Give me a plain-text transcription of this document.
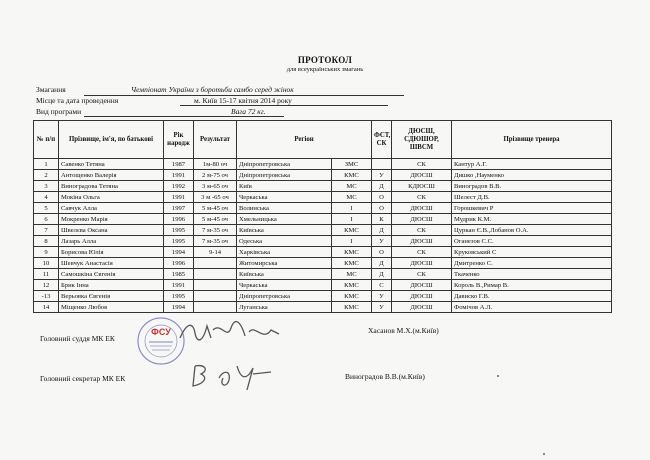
ПРОТОКОЛ
для всеукраїнських змагань
Змагання	Чемпіонат України з боротьби самбо серед жінок
Місце та дата проведення	м. Київ 15-17 квітня 2014 року
Вид програми	Вага 72 кг.
№ п/п	Прізвище, ім'я, по батькові	Рік народж	Результат	Регіон		ФСТ, СК	ДЮСШ, СДЮШОР, ШВСМ	Прізвище тренера
1	Савенко Тетяна	1987	1м-80 оч	Дніпропетровська	ЗМС		СК	Кантур А.Г.
2	Антощенко Валерія	1991	2 м-75 оч	Дніпропетровська	КМС	У	ДЮСШ	Дишко ,Науменко
3	Виноградова Тетяна	1992	3 м-65 оч	Київ	МС	Д	КДЮСШ	Виноградов В.В.
4	Мокіна Ольга	1991	3 м -65 оч	Черкаська	МС	О	СК	Шелест Д.В.
5	Савчук Алла	1997	5 м-45 оч	Волинська	І	О	ДЮСШ	Горошкевич Р
6	Мокренко Марія	1996	5 м-45 оч	Хмельницька	І	К	ДЮСШ	Мудрик К.М.
7	Швелєва Оксана	1995	7 м-35 оч	Київська	КМС	Д	СК	Цуркан Є.В.,Лобанов О.А.
8	Лазарь Алла	1995	7 м-35 оч	Одеська	І	У	ДЮСШ	Оганезов С.С.
9	Борисова Юлія	1994	9-14	Харківська	КМС	О	СК	Круковський С
10	Шевчук Анастасія	1996		Житомирська	КМС	Д	ДЮСШ	Дмитренко С.
11	Самошкіна Євгенія	1985		Київська	МС	Д	СК	Ткаченко
12	Брик Інна	1991		Черкаська	КМС	С	ДЮСШ	Король В.,Римар В.
-13	Верьовка Євгенія	1995		Дніпропетровська	КМС	У	ДЮСШ	Дависко Г.В.
14	Міщенко Любов	1994		Луганська	КМС	У	ДЮСШ	Фомічов А.Л.
Головний суддя МК ЕК
Хасанов М.Х.(м.Київ)
Головний секретар МК ЕК	Виноградов В.В.(м.Київ)
ФСУ
